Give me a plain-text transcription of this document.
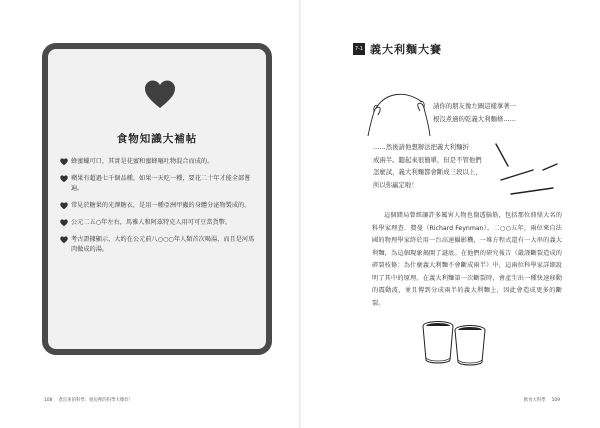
食物知識大補帖
蜂蜜蠟可口，其實是花蜜和蜜蜂嘔吐物混合而成的。
蘋果有超過七千個品種，如果一天吃一種，要花二十年才能全部嘗遍。
常見於糖果的光澤糖衣，是用一種亞洲甲蟲的身體分泌物製成的。
公元二五○年左右，馬雅人和阿茲特克人用可可豆當貨幣。
考古證據顯示，大約在公元前八○○○年人類首次喝湯，而且是河馬肉做成的湯。
108 煮出來的科學：廚房裡的科學大爆炸！
7-1 義大利麵大賽

請你的朋友像左圖這樣拿著一
根沒煮過的乾義大利麵條……

……然後請他想辦法把義大利麵折
成兩半。聽起來很簡單，但是不管他們
怎麼試，義大利麵都會斷成三段以上，
所以你贏定啦！

這個賭局曾經讓許多厲害人物也傷透腦筋，包括那位鼎鼎大名的科學家理查．費曼（Richard Feynman）。二○○五年，兩位來自法國的物理學家終於用一台高速攝影機，一堆方程式還有一大串的義大利麵，為這個現象揭開了謎底。在他們的研究報告（嚴謹斷裂造成的碎裂枝條：為什麼義大利麵不會斷成兩半）中，這兩位科學家詳細說明了其中的原理。在義大利麵第一次斷裂時，會產生出一種快速移動的震動波，並且傳到分成兩半的義大利麵上，因此會造成更多的斷裂。

飲食大科學 109
